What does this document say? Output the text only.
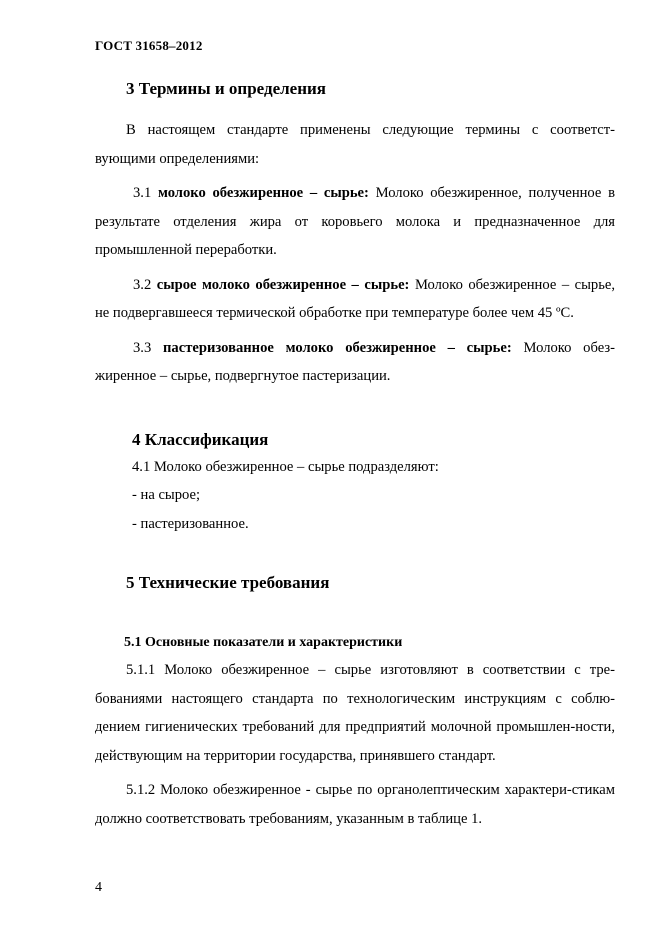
ГОСТ 31658–2012
3 Термины и определения

В настоящем стандарте применены следующие термины с соответст-вующими определениями:

3.1 молоко обезжиренное – сырье: Молоко обезжиренное, полученное в результате отделения жира от коровьего молока и предназначенное для промышленной переработки.

3.2 сырое молоко обезжиренное – сырье: Молоко обезжиренное – сырье, не подвергавшееся термической обработке при температуре более чем 45 ºС.

3.3 пастеризованное молоко обезжиренное – сырье: Молоко обез-жиренное – сырье, подвергнутое пастеризации.

4 Классификация

4.1 Молоко обезжиренное – сырье подразделяют:

- на сырое;

- пастеризованное.

5 Технические требования
5.1 Основные показатели и характеристики

5.1.1 Молоко обезжиренное – сырье изготовляют в соответствии с тре-бованиями настоящего стандарта по технологическим инструкциям с соблю-дением гигиенических требований для предприятий молочной промышлен-ности, действующим на территории государства, принявшего стандарт.

5.1.2 Молоко обезжиренное - сырье по органолептическим характери-стикам должно соответствовать требованиям, указанным в таблице 1.

4
